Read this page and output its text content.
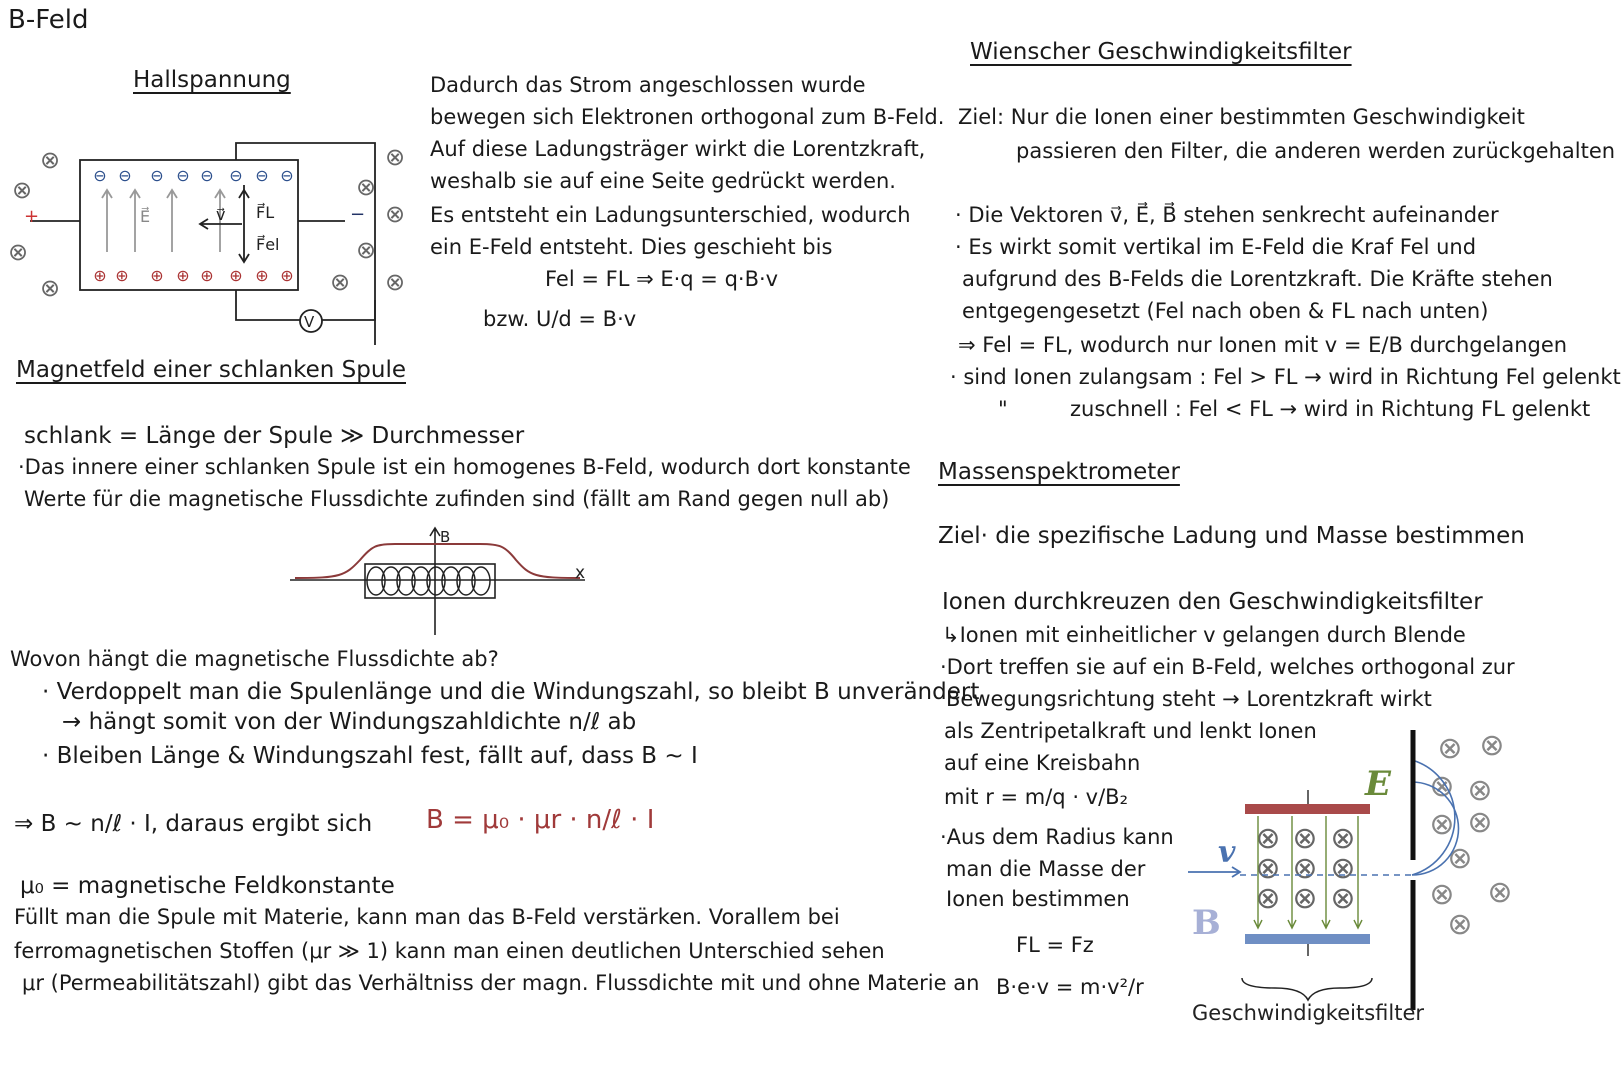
B-Feld
Hallspannung
E⃗	v⃗ F⃗L
F⃗el
V
+	−
⊖ ⊖ ⊖ ⊖ ⊖ ⊖ ⊖ ⊖
⊕ ⊕ ⊕ ⊕ ⊕ ⊕ ⊕ ⊕
⊗
⊗
⊗
⊗
⊗
⊗
⊗
⊗
⊗
⊗
Dadurch das Strom angeschlossen wurde
bewegen sich Elektronen orthogonal zum B-Feld.
Auf diese Ladungsträger wirkt die Lorentzkraft,
weshalb sie auf eine Seite gedrückt werden.
Es entsteht ein Ladungsunterschied, wodurch
ein E-Feld entsteht. Dies geschieht bis
Fel = FL ⇒ E·q = q·B·v
bzw. U/d = B·v
Magnetfeld einer schlanken Spule
schlank = Länge der Spule ≫ Durchmesser
·Das innere einer schlanken Spule ist ein homogenes B-Feld, wodurch dort konstante
Werte für die magnetische Flussdichte zufinden sind (fällt am Rand gegen null ab)
B
x
Wovon hängt die magnetische Flussdichte ab?
· Verdoppelt man die Spulenlänge und die Windungszahl, so bleibt B unverändert
→ hängt somit von der Windungszahldichte n/ℓ ab
· Bleiben Länge & Windungszahl fest, fällt auf, dass B ~ I
⇒ B ~ n/ℓ · I, daraus ergibt sich B = μ₀ · μr · n/ℓ · I
μ₀ = magnetische Feldkonstante
Füllt man die Spule mit Materie, kann man das B-Feld verstärken. Vorallem bei
ferromagnetischen Stoffen (μr ≫ 1) kann man einen deutlichen Unterschied sehen
μr (Permeabilitätszahl) gibt das Verhältniss der magn. Flussdichte mit und ohne Materie an
Wienscher Geschwindigkeitsfilter
Ziel: Nur die Ionen einer bestimmten Geschwindigkeit
passieren den Filter, die anderen werden zurückgehalten
· Die Vektoren v⃗, E⃗, B⃗ stehen senkrecht aufeinander
· Es wirkt somit vertikal im E-Feld die Kraf Fel und
aufgrund des B-Felds die Lorentzkraft. Die Kräfte stehen
entgegengesetzt (Fel nach oben & FL nach unten)
⇒ Fel = FL, wodurch nur Ionen mit v = E/B durchgelangen
· sind Ionen zulangsam : Fel > FL → wird in Richtung Fel gelenkt
"	zuschnell : Fel < FL → wird in Richtung FL gelenkt
Massenspektrometer
Ziel· die spezifische Ladung und Masse bestimmen
Ionen durchkreuzen den Geschwindigkeitsfilter
↳Ionen mit einheitlicher v gelangen durch Blende
·Dort treffen sie auf ein B-Feld, welches orthogonal zur
Bewegungsrichtung steht → Lorentzkraft wirkt
als Zentripetalkraft und lenkt Ionen
auf eine Kreisbahn
mit r = m/q · v/B₂
·Aus dem Radius kann
man die Masse der
Ionen bestimmen
FL = Fz
B·e·v = m·v²/r
⊗ ⊗
⊗ ⊗
⊗ ⊗
⊗
⊗ ⊗
⊗
⊗
⊗
⊗
⊗
⊗
⊗
⊗
⊗
⊗
E
v
B
Geschwindigkeitsfilter
